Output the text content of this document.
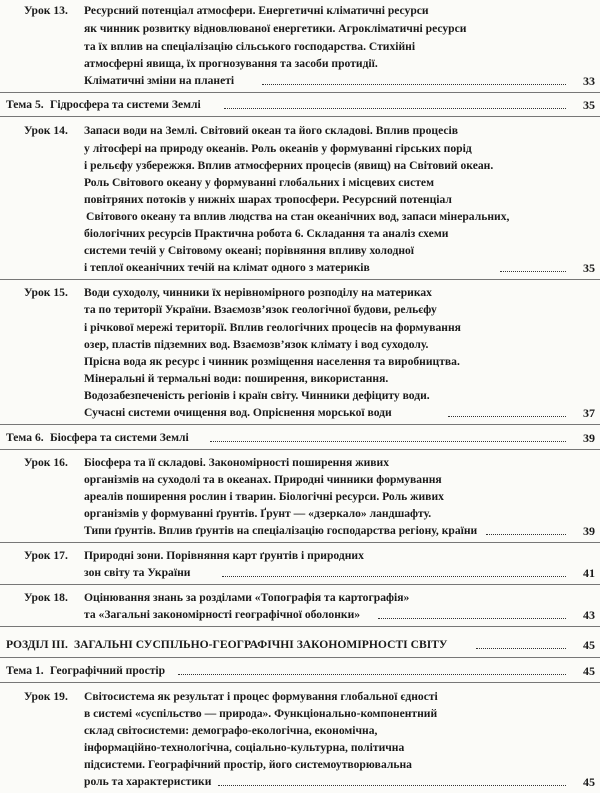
Урок 13. Ресурсний потенціал атмосфери. Енергетичні кліматичні ресурси
як чинник розвитку відновлюваної енергетики. Агрокліматичні ресурси
та їх вплив на спеціалізацію сільського господарства. Стихійні
атмосферні явища, їх прогнозування та засоби протидії.
Кліматичні зміни на планеті	33
Тема 5. Гідросфера та системи Землі	35
Урок 14. Запаси води на Землі. Світовий океан та його складові. Вплив процесів
у літосфері на природу океанів. Роль океанів у формуванні гірських порід
і рельєфу узбережжя. Вплив атмосферних процесів (явищ) на Світовий океан.
Роль Світового океану у формуванні глобальних і місцевих систем
повітряних потоків у нижніх шарах тропосфери. Ресурсний потенціал
Світового океану та вплив людства на стан океанічних вод, запаси мінеральних,
біологічних ресурсів Практична робота 6. Складання та аналіз схеми
системи течій у Світовому океані; порівняння впливу холодної
і теплої океанічних течій на клімат одного з материків	35
Урок 15. Води суходолу, чинники їх нерівномірного розподілу на материках
та по території України. Взаємозв’язок геологічної будови, рельєфу
і річкової мережі території. Вплив геологічних процесів на формування
озер, пластів підземних вод. Взаємозв’язок клімату і вод суходолу.
Прісна вода як ресурс і чинник розміщення населення та виробництва.
Мінеральні й термальні води: поширення, використання.
Водозабезпеченість регіонів і країн світу. Чинники дефіциту води.
Сучасні системи очищення вод. Опріснення морської води	37
Тема 6. Біосфера та системи Землі	39
Урок 16. Біосфера та її складові. Закономірності поширення живих
організмів на суходолі та в океанах. Природні чинники формування
ареалів поширення рослин і тварин. Біологічні ресурси. Роль живих
організмів у формуванні ґрунтів. Ґрунт — «дзеркало» ландшафту.
Типи ґрунтів. Вплив ґрунтів на спеціалізацію господарства регіону, країни	39
Урок 17. Природні зони. Порівняння карт ґрунтів і природних
зон світу та України	41
Урок 18. Оцінювання знань за розділами «Топографія та картографія»
та «Загальні закономірності географічної оболонки»	43
РОЗДІЛ ІІІ. ЗАГАЛЬНІ СУСПІЛЬНО-ГЕОГРАФІЧНІ ЗАКОНОМІРНОСТІ СВІТУ	45
Тема 1. Географічний простір	45
Урок 19. Світосистема як результат і процес формування глобальної єдності
в системі «суспільство — природа». Функціонально-компонентний
склад світосистеми: демографо-екологічна, економічна,
інформаційно-технологічна, соціально-культурна, політична
підсистеми. Географічний простір, його системоутворювальна
роль та характеристики	45
